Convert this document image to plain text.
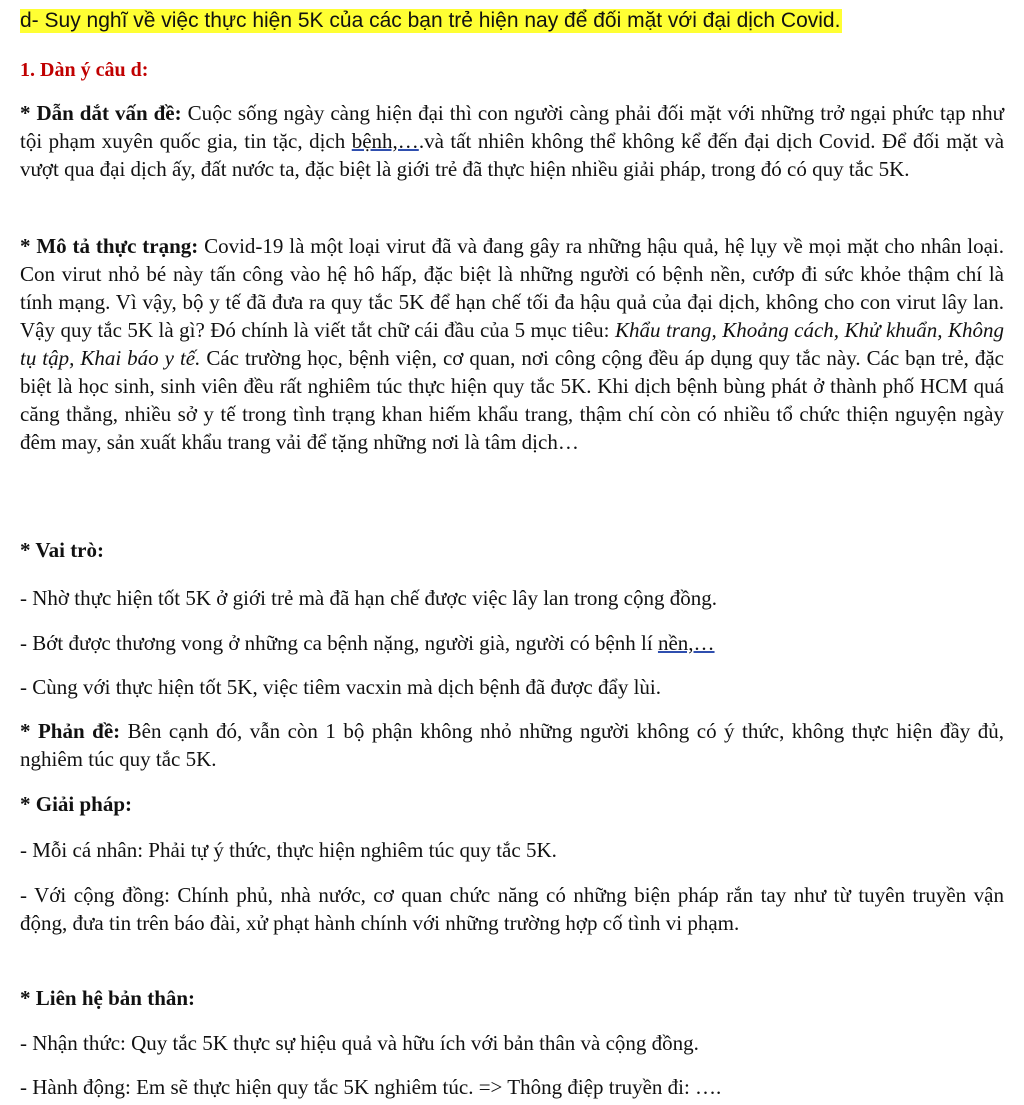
d- Suy nghĩ về việc thực hiện 5K của các bạn trẻ hiện nay để đối mặt với đại dịch Covid.
1. Dàn ý câu d:

* Dẫn dắt vấn đề: Cuộc sống ngày càng hiện đại thì con người càng phải đối mặt với những trở ngại phức tạp như tội phạm xuyên quốc gia, tin tặc, dịch bệnh,….và tất nhiên không thể không kể đến đại dịch Covid. Để đối mặt và vượt qua đại dịch ấy, đất nước ta, đặc biệt là giới trẻ đã thực hiện nhiều giải pháp, trong đó có quy tắc 5K.

* Mô tả thực trạng: Covid-19 là một loại virut đã và đang gây ra những hậu quả, hệ lụy về mọi mặt cho nhân loại. Con virut nhỏ bé này tấn công vào hệ hô hấp, đặc biệt là những người có bệnh nền, cướp đi sức khỏe thậm chí là tính mạng. Vì vậy, bộ y tế đã đưa ra quy tắc 5K để hạn chế tối đa hậu quả của đại dịch, không cho con virut lây lan. Vậy quy tắc 5K là gì? Đó chính là viết tắt chữ cái đầu của 5 mục tiêu: Khẩu trang, Khoảng cách, Khử khuẩn, Không tụ tập, Khai báo y tế. Các trường học, bệnh viện, cơ quan, nơi công cộng đều áp dụng quy tắc này. Các bạn trẻ, đặc biệt là học sinh, sinh viên đều rất nghiêm túc thực hiện quy tắc 5K. Khi dịch bệnh bùng phát ở thành phố HCM quá căng thẳng, nhiều sở y tế trong tình trạng khan hiếm khẩu trang, thậm chí còn có nhiều tổ chức thiện nguyện ngày đêm may, sản xuất khẩu trang vải để tặng những nơi là tâm dịch…

* Vai trò:

- Nhờ thực hiện tốt 5K ở giới trẻ mà đã hạn chế được việc lây lan trong cộng đồng.

- Bớt được thương vong ở những ca bệnh nặng, người già, người có bệnh lí nền,…

- Cùng với thực hiện tốt 5K, việc tiêm vacxin mà dịch bệnh đã được đẩy lùi.

* Phản đề: Bên cạnh đó, vẫn còn 1 bộ phận không nhỏ những người không có ý thức, không thực hiện đầy đủ, nghiêm túc quy tắc 5K.

* Giải pháp:

- Mỗi cá nhân: Phải tự ý thức, thực hiện nghiêm túc quy tắc 5K.

- Với cộng đồng: Chính phủ, nhà nước, cơ quan chức năng có những biện pháp rắn tay như từ tuyên truyền vận động, đưa tin trên báo đài, xử phạt hành chính với những trường hợp cố tình vi phạm.

* Liên hệ bản thân:

- Nhận thức: Quy tắc 5K thực sự hiệu quả và hữu ích với bản thân và cộng đồng.

- Hành động: Em sẽ thực hiện quy tắc 5K nghiêm túc. => Thông điệp truyền đi: ….
